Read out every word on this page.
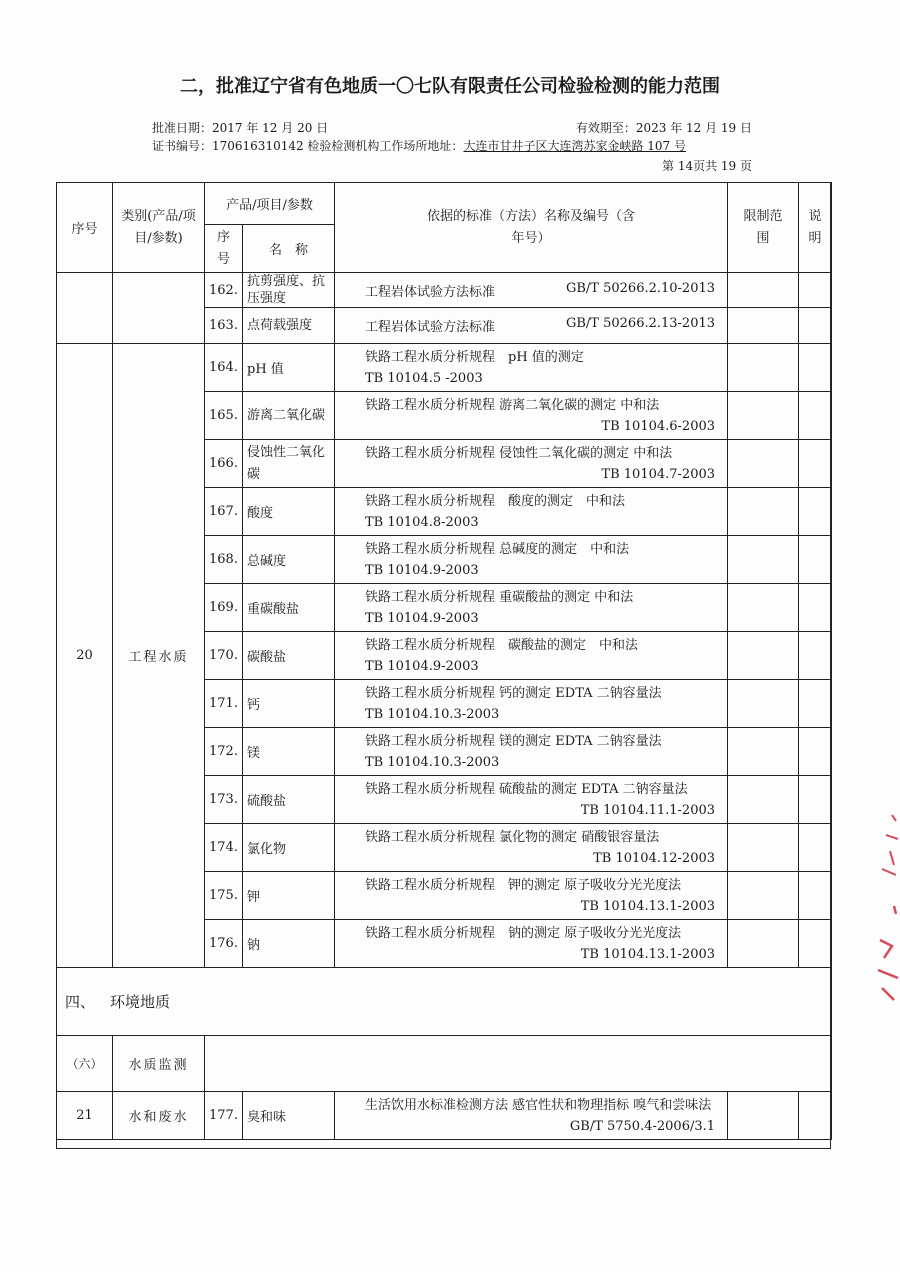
二，批准辽宁省有色地质一〇七队有限责任公司检验检测的能力范围
批准日期：2017 年 12 月 20 日	有效期至：2023 年 12 月 19 日
证书编号：170616310142 检验检测机构工作场所地址：大连市甘井子区大连湾苏家金峡路 107 号
第 14页共 19 页
序号	类别(产品/项目/参数)	产品/项目/参数		依据的标准（方法）名称及编号（含年号）	限制范围	说明
		序号	名　称			
		162.	抗剪强度、抗压强度	工程岩体试验方法标准 GB/T 50266.2.10-2013		

		163.	点荷载强度	工程岩体试验方法标准 GB/T 50266.2.13-2013		

20	工程水质	164.	pH 值	铁路工程水质分析规程　pH 值的测定
TB 10104.5 -2003		

		165.	游离二氧化碳	铁路工程水质分析规程 游离二氧化碳的测定 中和法
TB 10104.6-2003		

		166.	侵蚀性二氧化碳	铁路工程水质分析规程 侵蚀性二氧化碳的测定 中和法
TB 10104.7-2003		

		167.	酸度	铁路工程水质分析规程　酸度的测定　中和法
TB 10104.8-2003		

		168.	总碱度	铁路工程水质分析规程 总碱度的测定　中和法
TB 10104.9-2003		

		169.	重碳酸盐	铁路工程水质分析规程 重碳酸盐的测定 中和法
TB 10104.9-2003		

		170.	碳酸盐	铁路工程水质分析规程　碳酸盐的测定　中和法
TB 10104.9-2003		

		171.	钙	铁路工程水质分析规程 钙的测定 EDTA 二钠容量法
TB 10104.10.3-2003		

		172.	镁	铁路工程水质分析规程 镁的测定 EDTA 二钠容量法
TB 10104.10.3-2003		

		173.	硫酸盐	铁路工程水质分析规程 硫酸盐的测定 EDTA 二钠容量法
TB 10104.11.1-2003		

		174.	氯化物	铁路工程水质分析规程 氯化物的测定 硝酸银容量法
TB 10104.12-2003		

		175.	钾	铁路工程水质分析规程　钾的测定 原子吸收分光光度法
TB 10104.13.1-2003		

		176.	钠	铁路工程水质分析规程　钠的测定 原子吸收分光光度法
TB 10104.13.1-2003		

四、  环境地质						
（六）	水质监测					
21	水和废水	177.	臭和味	生活饮用水标准检测方法 感官性状和物理指标 嗅气和尝味法
GB/T 5750.4-2006/3.1		
